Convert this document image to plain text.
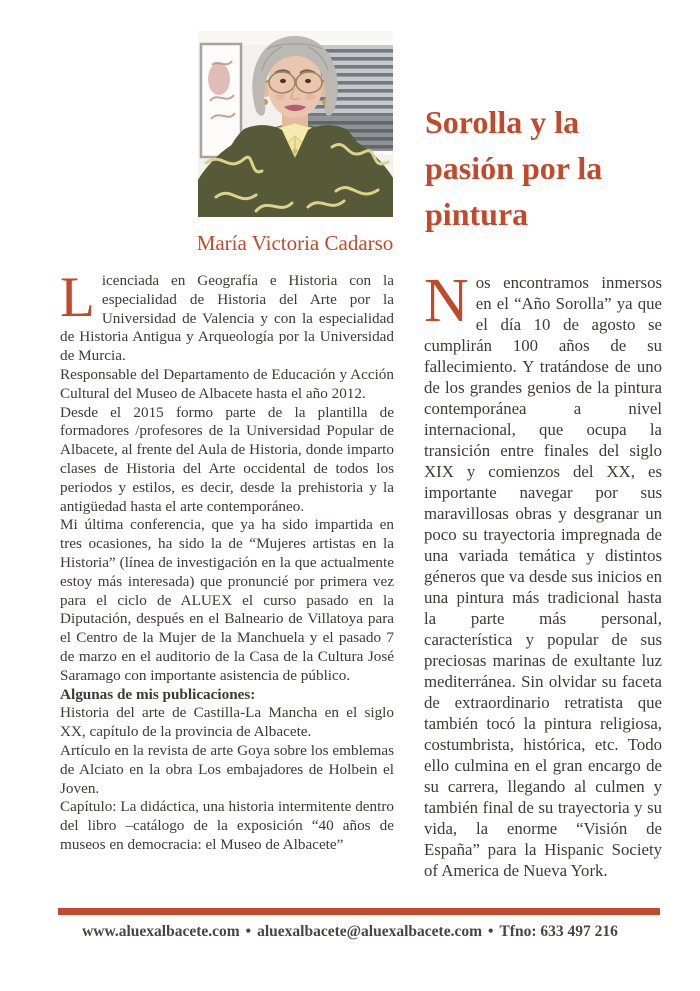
María Victoria Cadarso
Sorolla y la
pasión por la
pintura

Licenciada en Geografía e Historia con la especialidad de Historia del Arte por la Universidad de Valencia y con la especialidad de Historia Antigua y Arqueología por la Universidad de Murcia.

Responsable del Departamento de Educación y Acción Cultural del Museo de Albacete hasta el año 2012.

Desde el 2015 formo parte de la plantilla de formadores /profesores de la Universidad Popular de Albacete, al frente del Aula de Historia, donde imparto clases de Historia del Arte occidental de todos los periodos y estilos, es decir, desde la prehistoria y la antigüedad hasta el arte contemporáneo.

Mi última conferencia, que ya ha sido impartida en tres ocasiones, ha sido la de “Mujeres artistas en la Historia” (línea de investigación en la que actualmente estoy más interesada) que pronuncié por primera vez para el ciclo de ALUEX el curso pasado en la Diputación, después en el Balneario de Villatoya para el Centro de la Mujer de la Manchuela y el pasado 7 de marzo en el auditorio de la Casa de la Cultura José Saramago con importante asistencia de público.

Algunas de mis publicaciones:

Historia del arte de Castilla-La Mancha en el siglo XX, capítulo de la provincia de Albacete.

Artículo en la revista de arte Goya sobre los emblemas de Alciato en la obra Los embajadores de Holbein el Joven.

Capítulo: La didáctica, una historia intermitente dentro del libro –catálogo de la exposición “40 años de museos en democracia: el Museo de Albacete”

Nos encontramos inmersos en el “Año Sorolla” ya que el día 10 de agosto se cumplirán 100 años de su fallecimiento. Y tratándose de uno de los grandes genios de la pintura contemporánea a nivel internacional, que ocupa la transición entre finales del siglo XIX y comienzos del XX, es importante navegar por sus maravillosas obras y desgranar un poco su trayectoria impregnada de una variada temática y distintos géneros que va desde sus inicios en una pintura más tradicional hasta la parte más personal, característica y popular de sus preciosas marinas de exultante luz mediterránea. Sin olvidar su faceta de extraordinario retratista que también tocó la pintura religiosa, costumbrista, histórica, etc. Todo ello culmina en el gran encargo de su carrera, llegando al culmen y también final de su trayectoria y su vida, la enorme “Visión de España” para la Hispanic Society of America de Nueva York.

www.aluexalbacete.com • aluexalbacete@aluexalbacete.com • Tfno: 633 497 216
